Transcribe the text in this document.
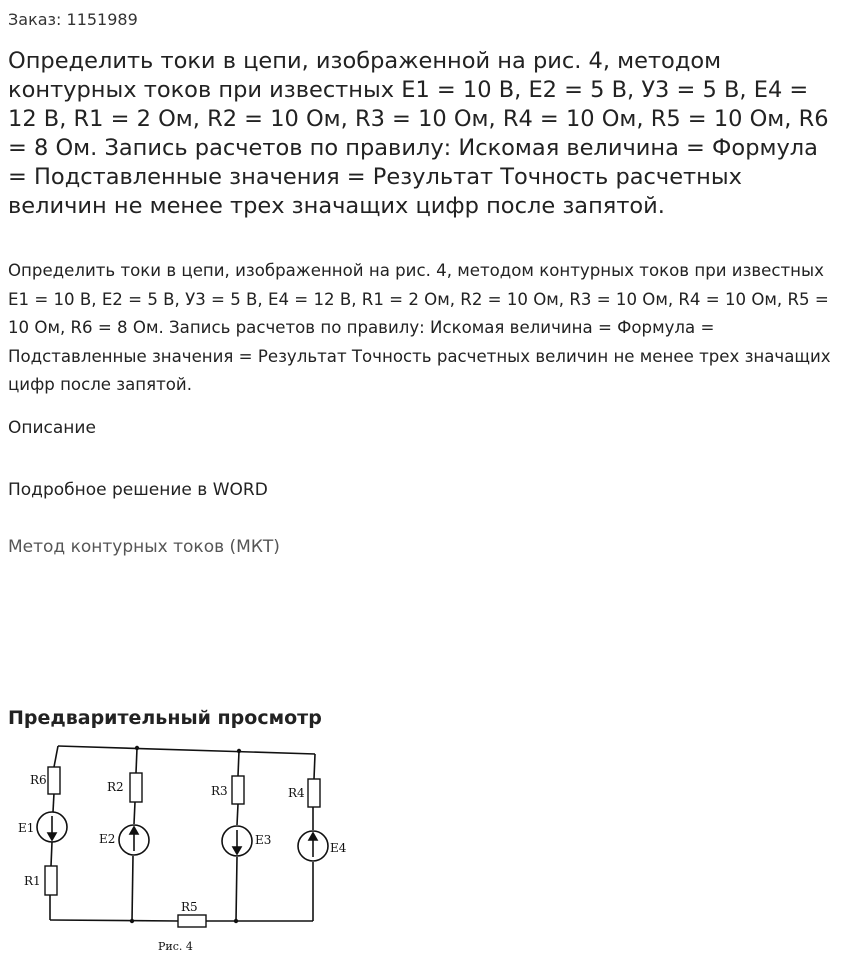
Заказ: 1151989
Определить токи в цепи, изображенной на рис. 4, методом контурных токов при известных Е1 = 10 В, Е2 = 5 В, У3 = 5 В, Е4 = 12 В, R1 = 2 Ом, R2 = 10 Ом, R3 = 10 Ом, R4 = 10 Ом, R5 = 10 Ом, R6 = 8 Ом. Запись расчетов по правилу: Искомая величина = Формула = Подставленные значения = Результат Точность расчетных величин не менее трех значащих цифр после запятой.
Определить токи в цепи, изображенной на рис. 4, методом контурных токов при известных Е1 = 10 В, Е2 = 5 В, У3 = 5 В, Е4 = 12 В, R1 = 2 Ом, R2 = 10 Ом, R3 = 10 Ом, R4 = 10 Ом, R5 = 10 Ом, R6 = 8 Ом. Запись расчетов по правилу: Искомая величина = Формула = Подставленные значения = Результат Точность расчетных величин не менее трех значащих цифр после запятой.
Описание
Подробное решение в WORD
Метод контурных токов (МКТ)
Предварительный просмотр
R6
E1
R1
R2
E2
R3
E3
R4
E4
R5
Рис. 4
